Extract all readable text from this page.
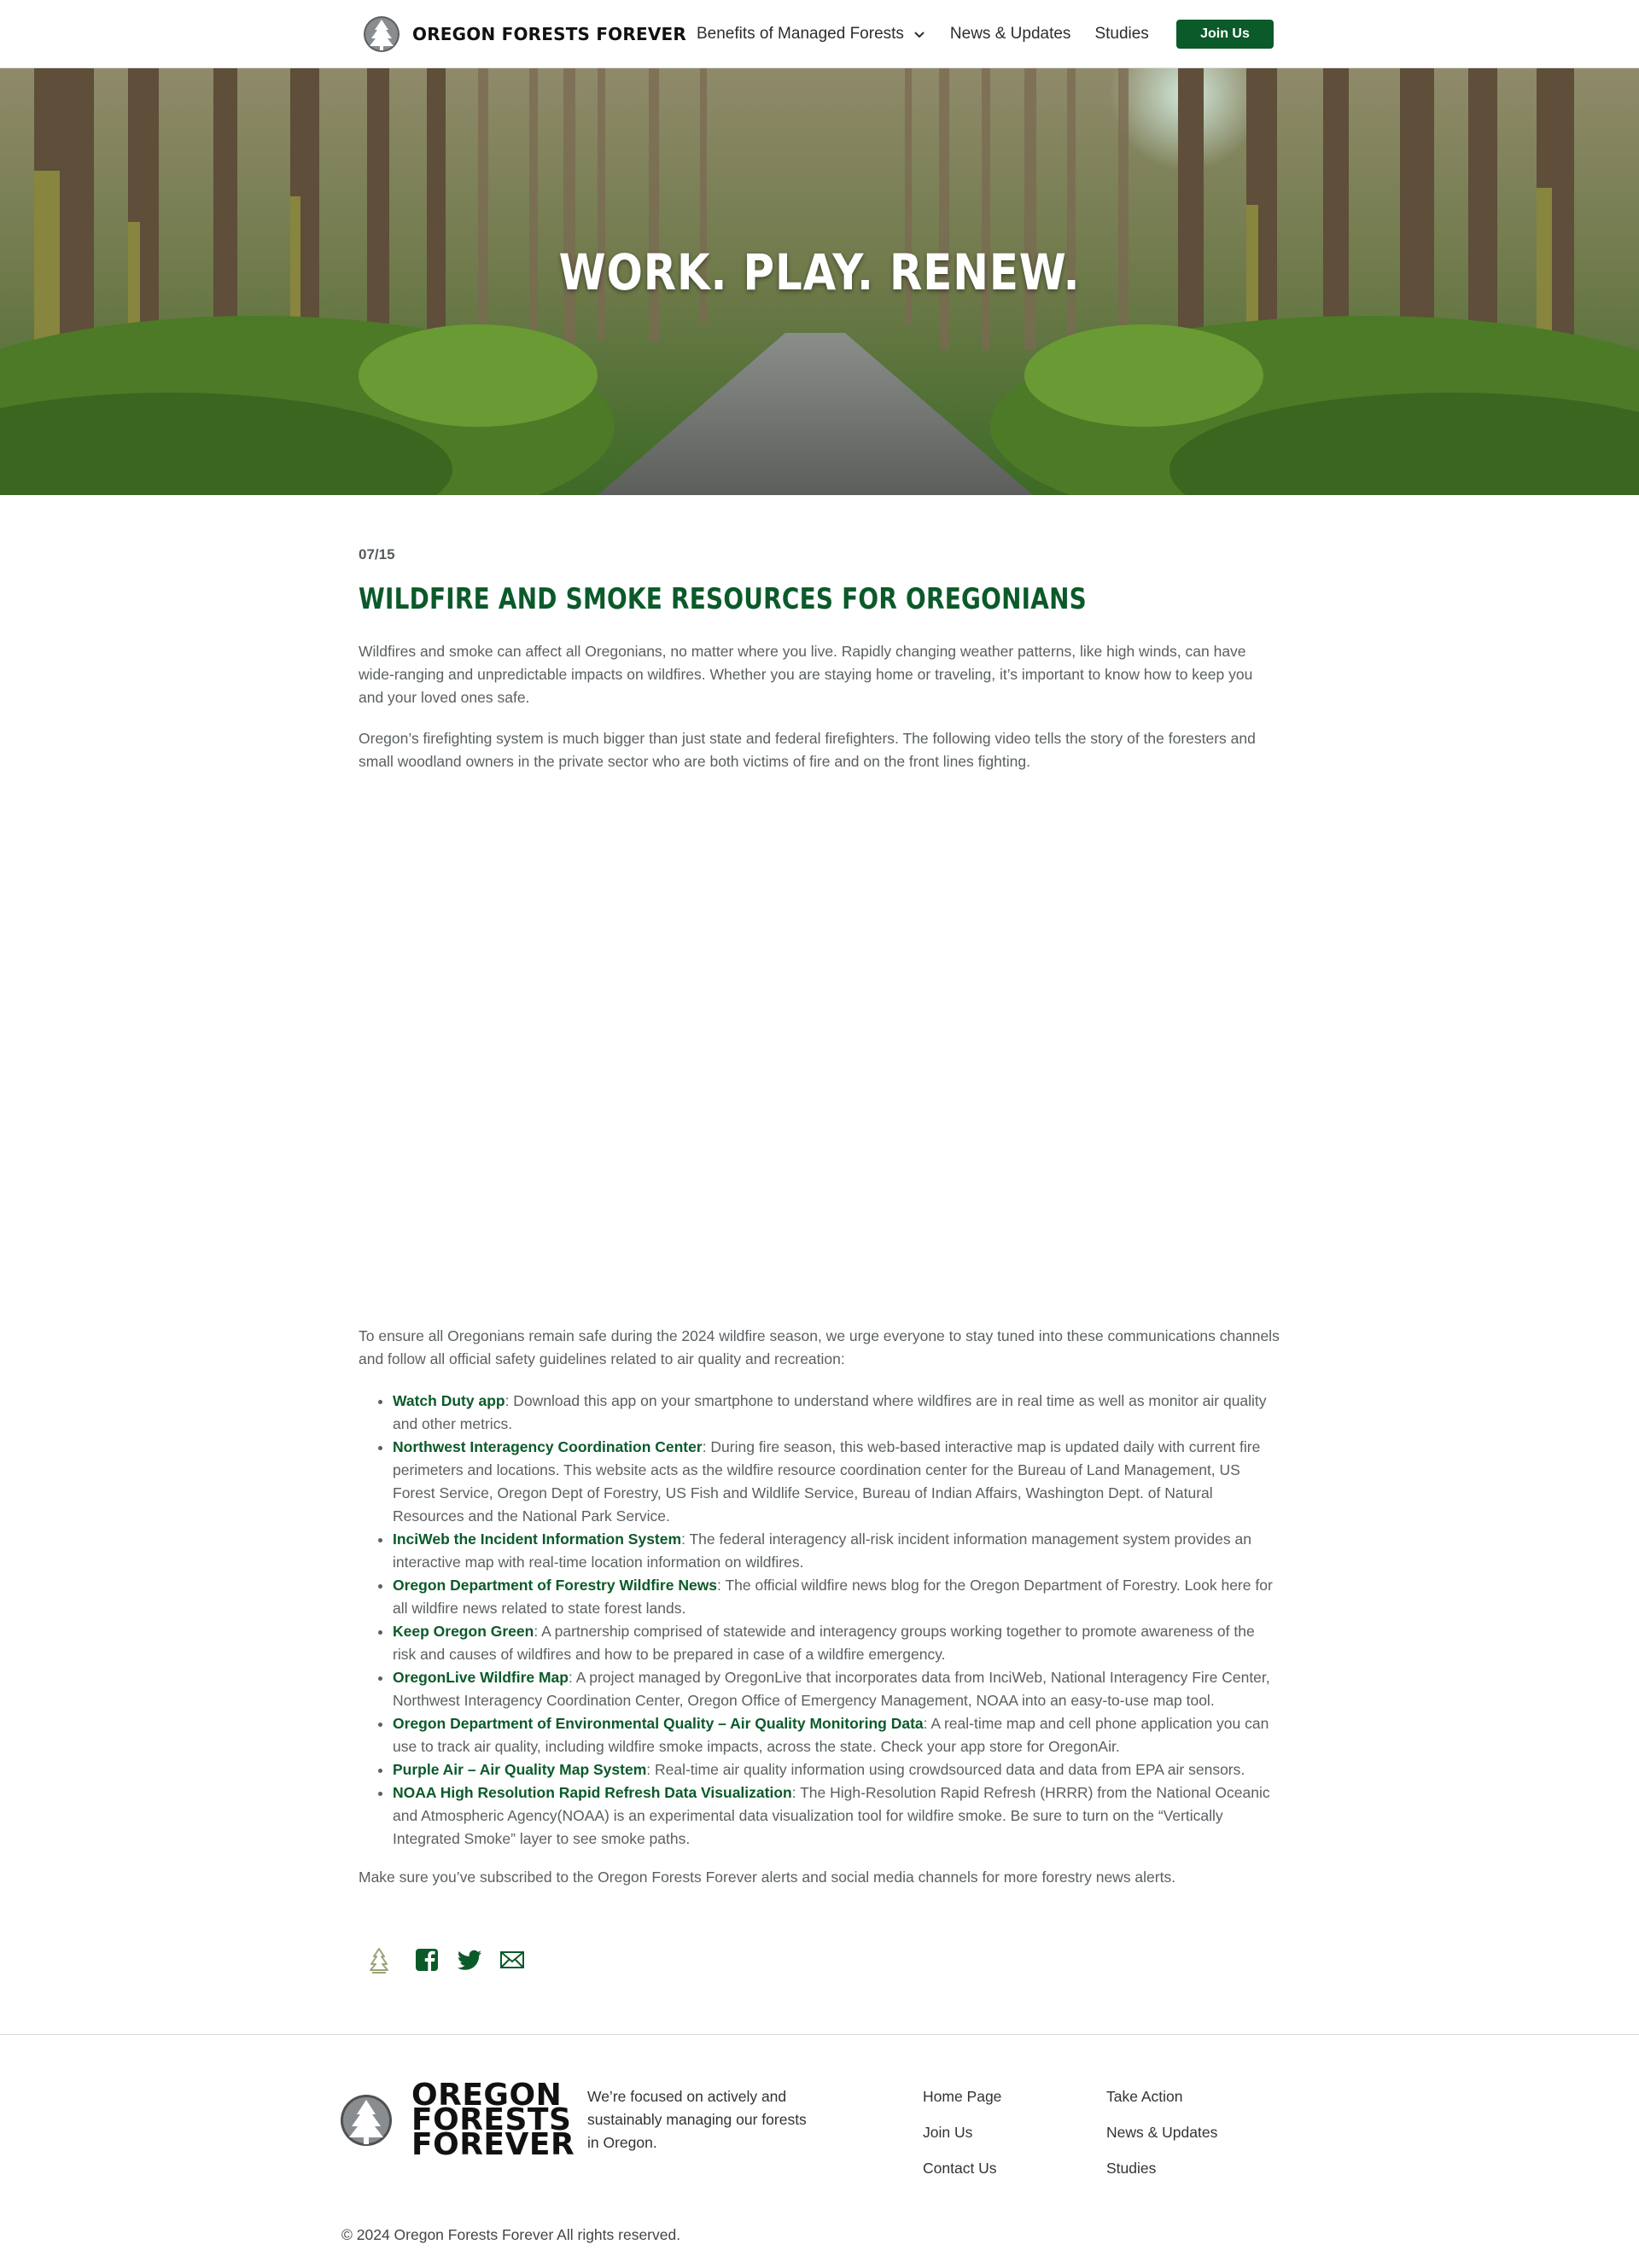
OREGON FORESTS FOREVER Benefits of Managed Forests	News & Updates Studies	Join Us
WORK. PLAY. RENEW.
07/15
WILDFIRE AND SMOKE RESOURCES FOR OREGONIANS

Wildfires and smoke can affect all Oregonians, no matter where you live. Rapidly changing weather patterns, like high winds, can have wide-ranging and unpredictable impacts on wildfires. Whether you are staying home or traveling, it’s important to know how to keep you and your loved ones safe.

Oregon’s firefighting system is much bigger than just state and federal firefighters. The following video tells the story of the foresters and small woodland owners in the private sector who are both victims of fire and on the front lines fighting.

To ensure all Oregonians remain safe during the 2024 wildfire season, we urge everyone to stay tuned into these communications channels and follow all official safety guidelines related to air quality and recreation:

• Watch Duty app: Download this app on your smartphone to understand where wildfires are in real time as well as monitor air quality and other metrics.
• Northwest Interagency Coordination Center: During fire season, this web-based interactive map is updated daily with current fire perimeters and locations. This website acts as the wildfire resource coordination center for the Bureau of Land Management, US Forest Service, Oregon Dept of Forestry, US Fish and Wildlife Service, Bureau of Indian Affairs, Washington Dept. of Natural Resources and the National Park Service.
• InciWeb the Incident Information System: The federal interagency all-risk incident information management system provides an interactive map with real-time location information on wildfires.
• Oregon Department of Forestry Wildfire News: The official wildfire news blog for the Oregon Department of Forestry. Look here for all wildfire news related to state forest lands.
• Keep Oregon Green: A partnership comprised of statewide and interagency groups working together to promote awareness of the risk and causes of wildfires and how to be prepared in case of a wildfire emergency.
• OregonLive Wildfire Map: A project managed by OregonLive that incorporates data from InciWeb, National Interagency Fire Center, Northwest Interagency Coordination Center, Oregon Office of Emergency Management, NOAA into an easy-to-use map tool.
• Oregon Department of Environmental Quality – Air Quality Monitoring Data: A real-time map and cell phone application you can use to track air quality, including wildfire smoke impacts, across the state. Check your app store for OregonAir.
• Purple Air – Air Quality Map System: Real-time air quality information using crowdsourced data and data from EPA air sensors.
• NOAA High Resolution Rapid Refresh Data Visualization: The High-Resolution Rapid Refresh (HRRR) from the National Oceanic and Atmospheric Agency(NOAA) is an experimental data visualization tool for wildfire smoke. Be sure to turn on the “Vertically Integrated Smoke” layer to see smoke paths.

Make sure you’ve subscribed to the Oregon Forests Forever alerts and social media channels for more forestry news alerts.

OREGON
FORESTS
FOREVER

We’re focused on actively and sustainably managing our forests in Oregon.

Home Page
Join Us
Contact Us
Take Action
News & Updates
Studies
© 2024 Oregon Forests Forever All rights reserved.
